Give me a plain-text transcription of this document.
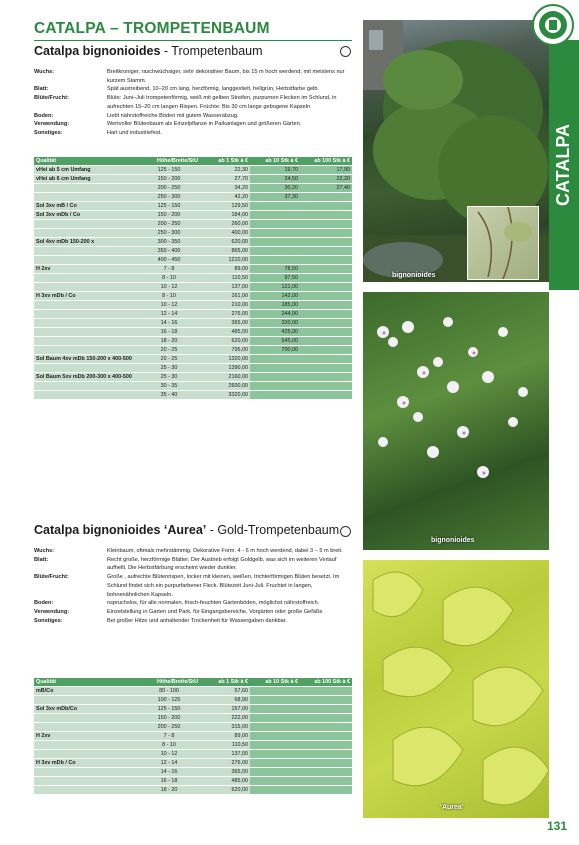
CATALPA – TROMPETENBAUM
Catalpa bignonioides - Trompetenbaum
Wuchs:	Breitkroniger, raschwüchsiger, sehr dekorativer Baum, bis 15 m hoch werdend, mit meistens nur kurzem Stamm.
Blatt:	Spät austreibend, 10–20 cm lang, herzförmig, langgestielt, hellgrün, Herbstfarbe gelb.
Blüte/Frucht:	Blüte: Juni–Juli trompetenförmig, weiß mit gelben Streifen, purpurnen Flecken im Schlund, in aufrechten 15–20 cm langen Rispen. Früchte: Bis 30 cm lange gebogene Kapseln
Boden:	Liebt nährstoffreiche Böden mit gutem Wasserabzug.
Verwendung:	Wertvoller Blütenbaum als Einzelpflanze in Parkanlagen und größeren Gärten.
Sonstiges:	Hart und industriefest.
Qualität	Höhe/Breite/StU	ab 1 Stk à €	ab 10 Stk à €	ab 100 Stk à €
vHei ab 5 cm Umfang	125 - 150	22,30	19,70	17,90
vHei ab 6 cm Umfang	150 - 200	27,70	24,50	22,20
	200 - 250	34,20	30,20	27,40
	250 - 300	42,20	37,30	
Sol 3xv mB / Co	125 - 150	129,50		
Sol 3xv mDb / Co	150 - 200	184,00		
	200 - 250	260,00		
	250 - 300	400,00		
Sol 4xv mDb 150-200 x	300 - 350	620,00		
	350 - 400	865,00		
	400 - 450	1210,00		
H 2xv	7 - 8	89,00	78,50	
	8 - 10	110,50	97,50	
	10 - 12	137,00	121,00	
H 3xv mDb / Co	8 - 10	161,00	142,00	
	10 - 12	210,00	185,00	
	12 - 14	276,00	244,00	
	14 - 16	365,00	320,00	
	16 - 18	485,00	425,00	
	18 - 20	620,00	545,00	
	20 - 25	795,00	700,00	
Sol Baum 4xv mDb 150-200 x 400-500	20 - 25	1320,00		
	25 - 30	1390,00		
Sol Baum 5xv mDb 200-300 x 400-500	25 - 30	2160,00		
	30 - 35	2600,00		
	35 - 40	3320,00		
Catalpa bignonioides ‘Aurea’ - Gold-Trompetenbaum
Wuchs:	Kleinbaum, oftmals mehrstämmig. Dekorative Form. 4 - 6 m hoch werdend, dabei 3 – 5 m breit.
Blatt:	Recht große, herzförmige Blätter. Der Austrieb erfolgt Goldgelb, was sich im weiteren Verlauf aufhellt. Die Herbstfärbung erscheint wieder dunkler.
Blüte/Frucht:	Große , aufrechte Blütenrispen, locker mit kleinen, weißen, trichterförmigen Blüten besetzt. Im Schlund findet sich ein purpurfarbener Fleck. Blütezeit Juni-Juli. Fruchtet in langen, bohnenähnlichen Kapseln.
Boden:	nspruchslos, für alle normalen, frisch-feuchten Gartenböden, möglichst nährstoffreich.
Verwendung:	Einzelstellung in Garten und Park, für Eingangsbereiche, Vorgärten oder große Gefäße
Sonstiges:	Bei großer Hitze und anhaltender Trockenheit für Wassergaben dankbar.
Qualität	Höhe/Breite/StU	ab 1 Stk à €	ab 10 Stk à €	ab 100 Stk à €
mB/Co	80 - 100	57,60		
	100 - 125	68,90		
Sol 3xv mDb/Co	125 - 150	157,00		
	150 - 200	222,00		
	200 - 250	315,00		
H 2xv	7 - 8	89,00		
	8 - 10	110,50		
	10 - 12	137,00		
H 3xv mDb / Co	12 - 14	276,00		
	14 - 16	365,00		
	16 - 18	485,00		
	18 - 20	620,00		
bignonioides
bignonioides
‘Aurea’
CATALPA
131
